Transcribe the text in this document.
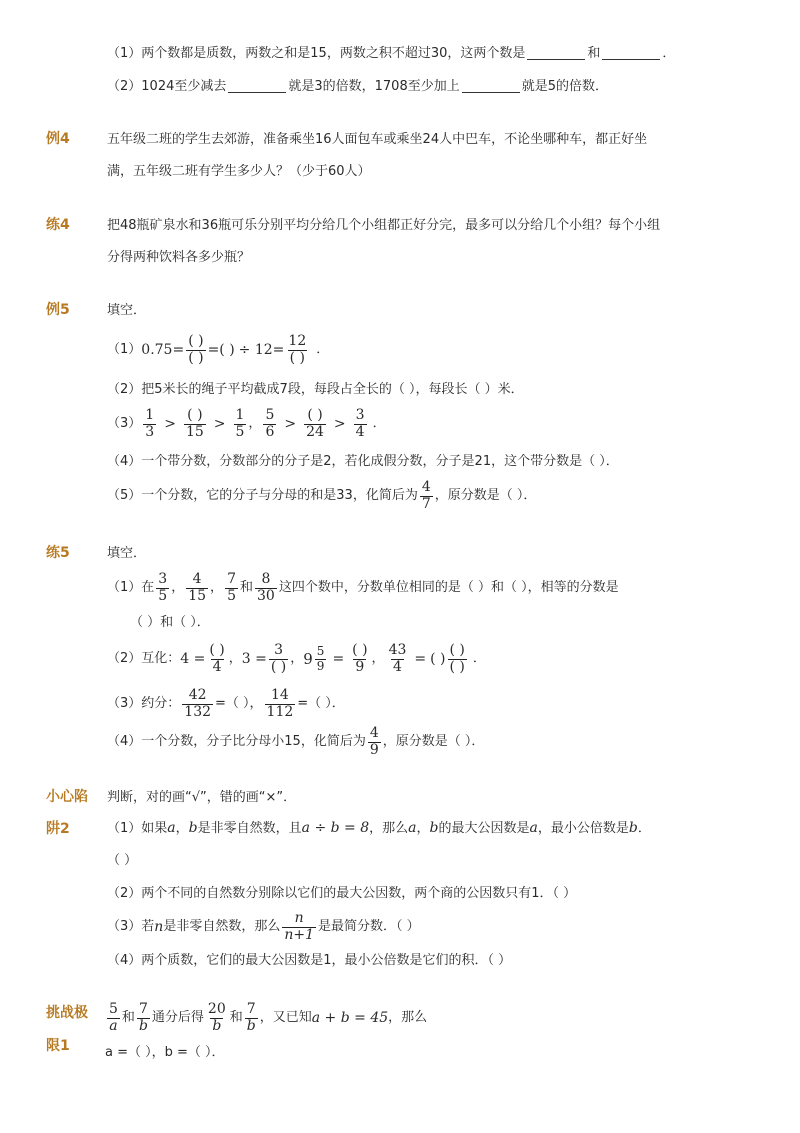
（1）两个数都是质数，两数之和是15，两数之积不超过30，这两个数是	和	．
（2）1024至少减去	就是3的倍数，1708至少加上	就是5的倍数．
例4	五年级二班的学生去郊游，准备乘坐16人面包车或乘坐24人中巴车，不论坐哪种车，都正好坐
满，五年级二班有学生多少人？（少于60人）
练4	把48瓶矿泉水和36瓶可乐分别平均分给几个小组都正好分完，最多可以分给几个小组？每个小组
分得两种饮料各多少瓶？
例5	填空．
（1） $0.75 = \frac{( )}{( )}$ = ( ) ÷ $12 = \frac{12}{( )}$ ．
（2）把5米长的绳子平均截成7段，每段占全长的（ ），每段长（ ）米．
$(3) \frac{1}{3} > \frac{( )}{15} > \frac{1}{5}$ ， $\frac{5}{6} > \frac{( )}{24} > \frac{3}{4}$ ．
（4）一个带分数，分数部分的分子是2，若化成假分数，分子是21，这个带分数是（ ）．
（5）一个分数，它的分子与分母的和是33，化简后为 $\frac{4}{7}$ ，原分数是（ ）．
练5	填空．
（1）在 $\frac{3}{5}$ ， $\frac{4}{15}$ ， $\frac{7}{5}$ 和 $\frac{8}{30}$ 这四个数中，分数单位相同的是（ ）和（ ），相等的分数是
（ ）和（ ）．
（2）互化： $4 = \frac{( )}{4}$ ， $3 = \frac{3}{( )}$ ， $9 \frac{5}{9} = \frac{( )}{9}$ ， $\frac{43}{4}$ = ( ) $\frac{( )}{( )}$ ．
（3）约分： $\frac{42}{132}$ =（ ）， $\frac{14}{112}$ =（ ）．
（4）一个分数，分子比分母小15，化简后为 $\frac{4}{9}$ ，原分数是（ ）．
小心陷
阱2
判断，对的画“√”，错的画“×”．
（1）如果 a ， b 是非零自然数，且 a ÷ b = 8 ，那么 a ， b 的最大公因数是 a ，最小公倍数是 b ．
（ ）
（2）两个不同的自然数分别除以它们的最大公因数，两个商的公因数只有1．（ ）
（3）若 n 是非零自然数，那么 $\frac{n}{n+1}$ 是最简分数．（ ）
（4）两个质数，它们的最大公因数是1，最小公倍数是它们的积．（ ）
挑战极
限1
$\frac{5}{a}$ 和 $\frac{7}{b}$ 通分后得 $\frac{20}{b}$ 和 $\frac{7}{b}$ ，又已知 a + b = 45 ，那么
a =（ ），b =（ ）．
